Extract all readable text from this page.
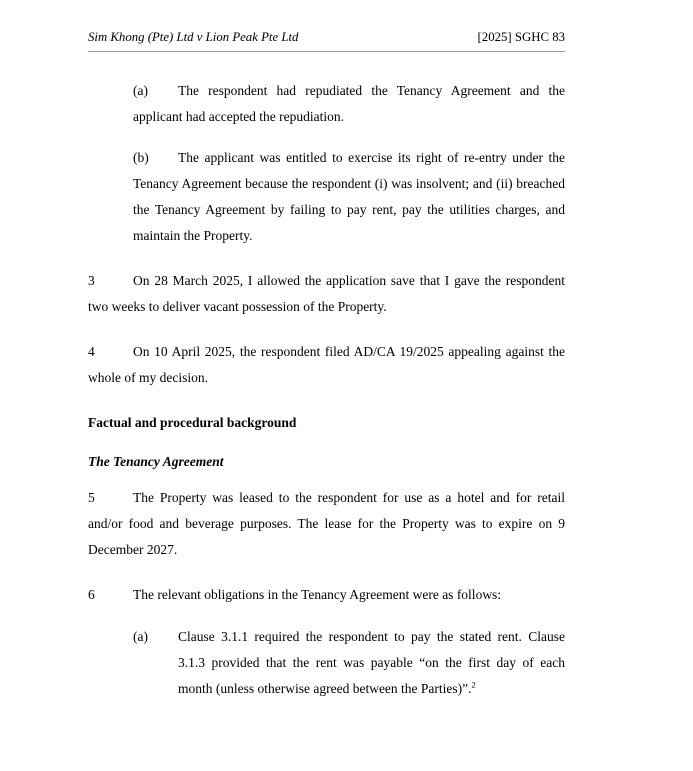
Sim Khong (Pte) Ltd v Lion Peak Pte Ltd	[2025] SGHC 83
(a) The respondent had repudiated the Tenancy Agreement and the applicant had accepted the repudiation.
(b) The applicant was entitled to exercise its right of re-entry under the Tenancy Agreement because the respondent (i) was insolvent; and (ii) breached the Tenancy Agreement by failing to pay rent, pay the utilities charges, and maintain the Property.
3	On 28 March 2025, I allowed the application save that I gave the respondent two weeks to deliver vacant possession of the Property.
4	On 10 April 2025, the respondent filed AD/CA 19/2025 appealing against the whole of my decision.
Factual and procedural background
The Tenancy Agreement
5	The Property was leased to the respondent for use as a hotel and for retail and/or food and beverage purposes. The lease for the Property was to expire on 9 December 2027.
6	The relevant obligations in the Tenancy Agreement were as follows:
(a) Clause 3.1.1 required the respondent to pay the stated rent. Clause 3.1.3 provided that the rent was payable “on the first day of each month (unless otherwise agreed between the Parties)”.$^2$
